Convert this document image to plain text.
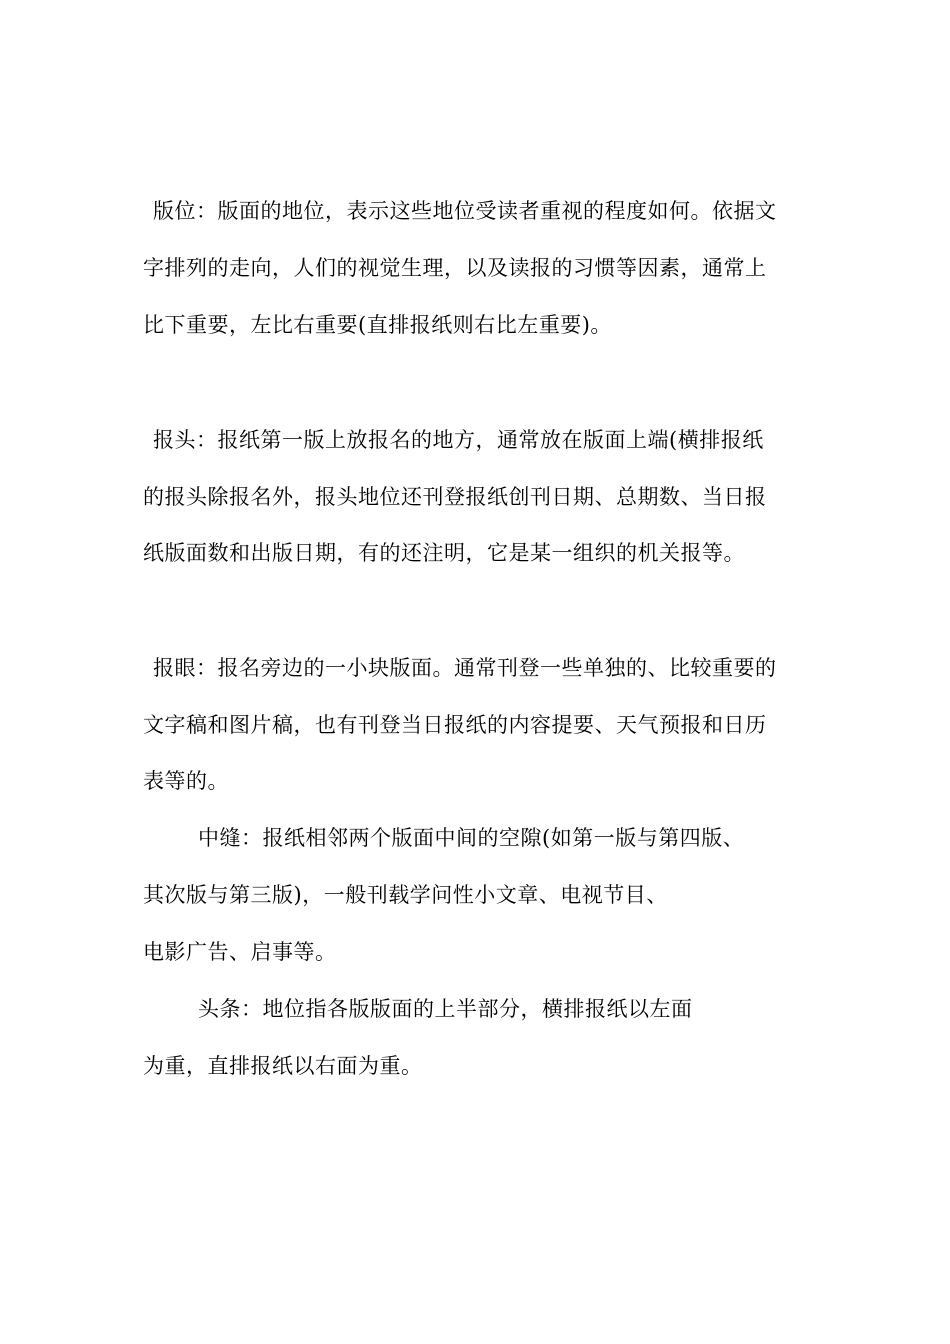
版位：版面的地位，表示这些地位受读者重视的程度如何。依据文

字排列的走向，人们的视觉生理，以及读报的习惯等因素，通常上

比下重要，左比右重要(直排报纸则右比左重要)。

报头：报纸第一版上放报名的地方，通常放在版面上端(横排报纸

的报头除报名外，报头地位还刊登报纸创刊日期、总期数、当日报

纸版面数和出版日期，有的还注明，它是某一组织的机关报等。

报眼：报名旁边的一小块版面。通常刊登一些单独的、比较重要的

文字稿和图片稿，也有刊登当日报纸的内容提要、天气预报和日历

表等的。

中缝：报纸相邻两个版面中间的空隙(如第一版与第四版、

其次版与第三版)，一般刊载学问性小文章、电视节目、

电影广告、启事等。

头条：地位指各版版面的上半部分，横排报纸以左面

为重，直排报纸以右面为重。
